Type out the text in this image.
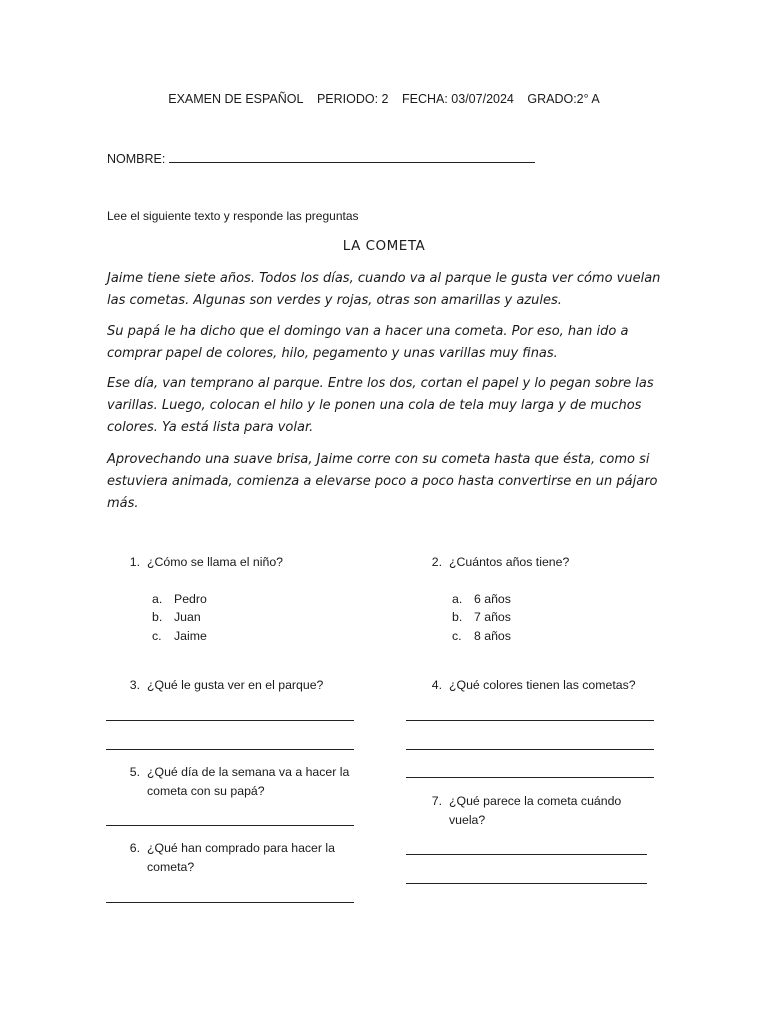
EXAMEN DE ESPAÑOL PERIODO: 2 FECHA: 03/07/2024 GRADO:2° A
NOMBRE:
Lee el siguiente texto y responde las preguntas
LA COMETA
Jaime tiene siete años. Todos los días, cuando va al parque le gusta ver cómo vuelan las cometas. Algunas son verdes y rojas, otras son amarillas y azules.
Su papá le ha dicho que el domingo van a hacer una cometa. Por eso, han ido a comprar papel de colores, hilo, pegamento y unas varillas muy finas.
Ese día, van temprano al parque. Entre los dos, cortan el papel y lo pegan sobre las varillas. Luego, colocan el hilo y le ponen una cola de tela muy larga y de muchos colores. Ya está lista para volar.
Aprovechando una suave brisa, Jaime corre con su cometa hasta que ésta, como si estuviera animada, comienza a elevarse poco a poco hasta convertirse en un pájaro más.
1. ¿Cómo se llama el niño?
a. Pedro
b. Juan
c. Jaime
2. ¿Cuántos años tiene?
a. 6 años
b. 7 años
c. 8 años
3. ¿Qué le gusta ver en el parque?	4. ¿Qué colores tienen las cometas?
5. ¿Qué día de la semana va a hacer la cometa con su papá?
6. ¿Qué han comprado para hacer la cometa?
7. ¿Qué parece la cometa cuándo vuela?
